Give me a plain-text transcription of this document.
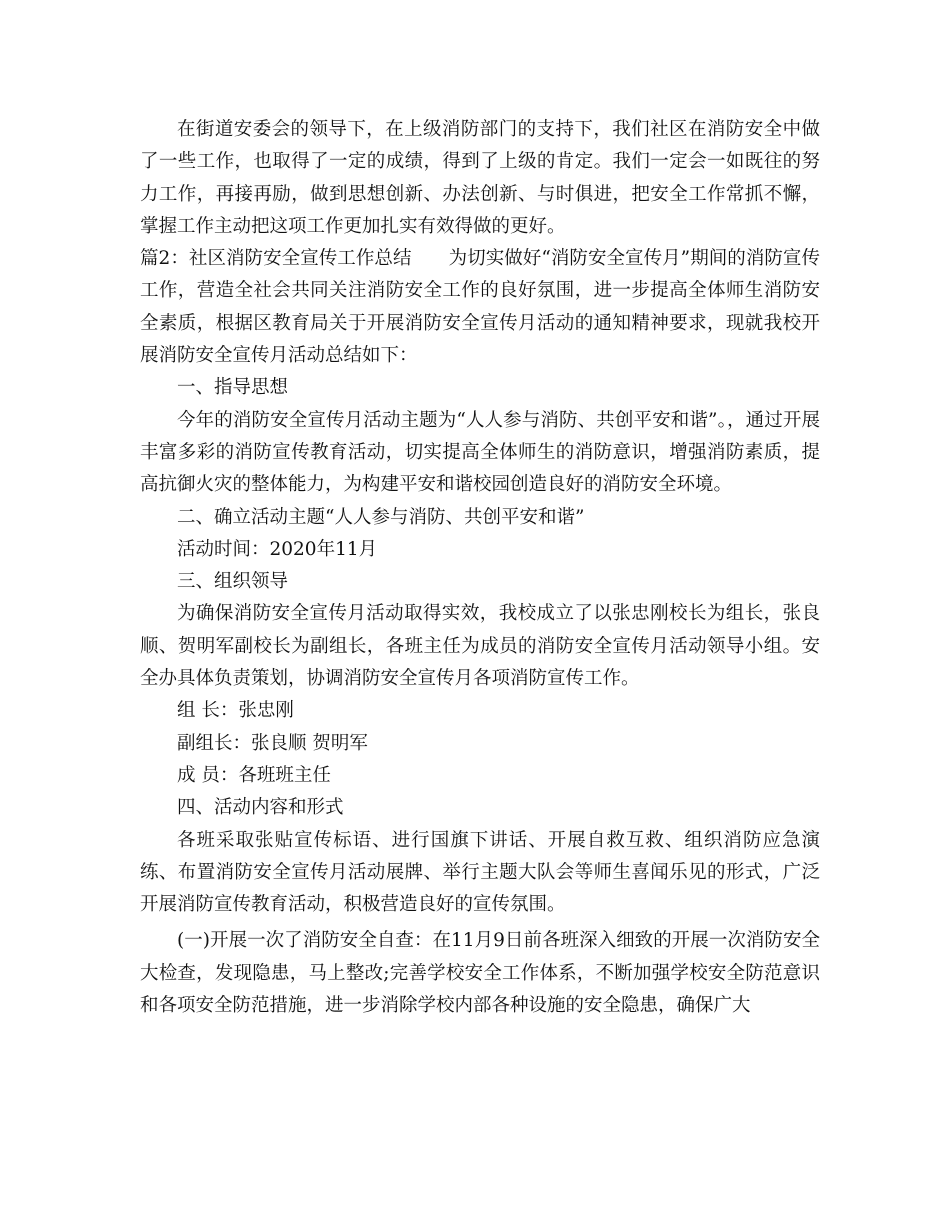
在街道安委会的领导下，在上级消防部门的支持下，我们社区在消防安全中做了一些工作，也取得了一定的成绩，得到了上级的肯定。我们一定会一如既往的努力工作，再接再励，做到思想创新、办法创新、与时俱进，把安全工作常抓不懈，掌握工作主动把这项工作更加扎实有效得做的更好。

篇2：社区消防安全宣传工作总结　　为切实做好“消防安全宣传月”期间的消防宣传工作，营造全社会共同关注消防安全工作的良好氛围，进一步提高全体师生消防安全素质，根据区教育局关于开展消防安全宣传月活动的通知精神要求，现就我校开展消防安全宣传月活动总结如下：

一、指导思想

今年的消防安全宣传月活动主题为“人人参与消防、共创平安和谐”。，通过开展丰富多彩的消防宣传教育活动，切实提高全体师生的消防意识，增强消防素质，提高抗御火灾的整体能力，为构建平安和谐校园创造良好的消防安全环境。

二、确立活动主题“人人参与消防、共创平安和谐”

活动时间：2020年11月

三、组织领导

为确保消防安全宣传月活动取得实效，我校成立了以张忠刚校长为组长，张良顺、贺明军副校长为副组长，各班主任为成员的消防安全宣传月活动领导小组。安全办具体负责策划，协调消防安全宣传月各项消防宣传工作。

组 长：张忠刚

副组长：张良顺 贺明军

成 员：各班班主任

四、活动内容和形式

各班采取张贴宣传标语、进行国旗下讲话、开展自救互救、组织消防应急演练、布置消防安全宣传月活动展牌、举行主题大队会等师生喜闻乐见的形式，广泛开展消防宣传教育活动，积极营造良好的宣传氛围。

(一)开展一次了消防安全自查：在11月9日前各班深入细致的开展一次消防安全大检查，发现隐患，马上整改;完善学校安全工作体系，不断加强学校安全防范意识和各项安全防范措施，进一步消除学校内部各种设施的安全隐患，确保广大
